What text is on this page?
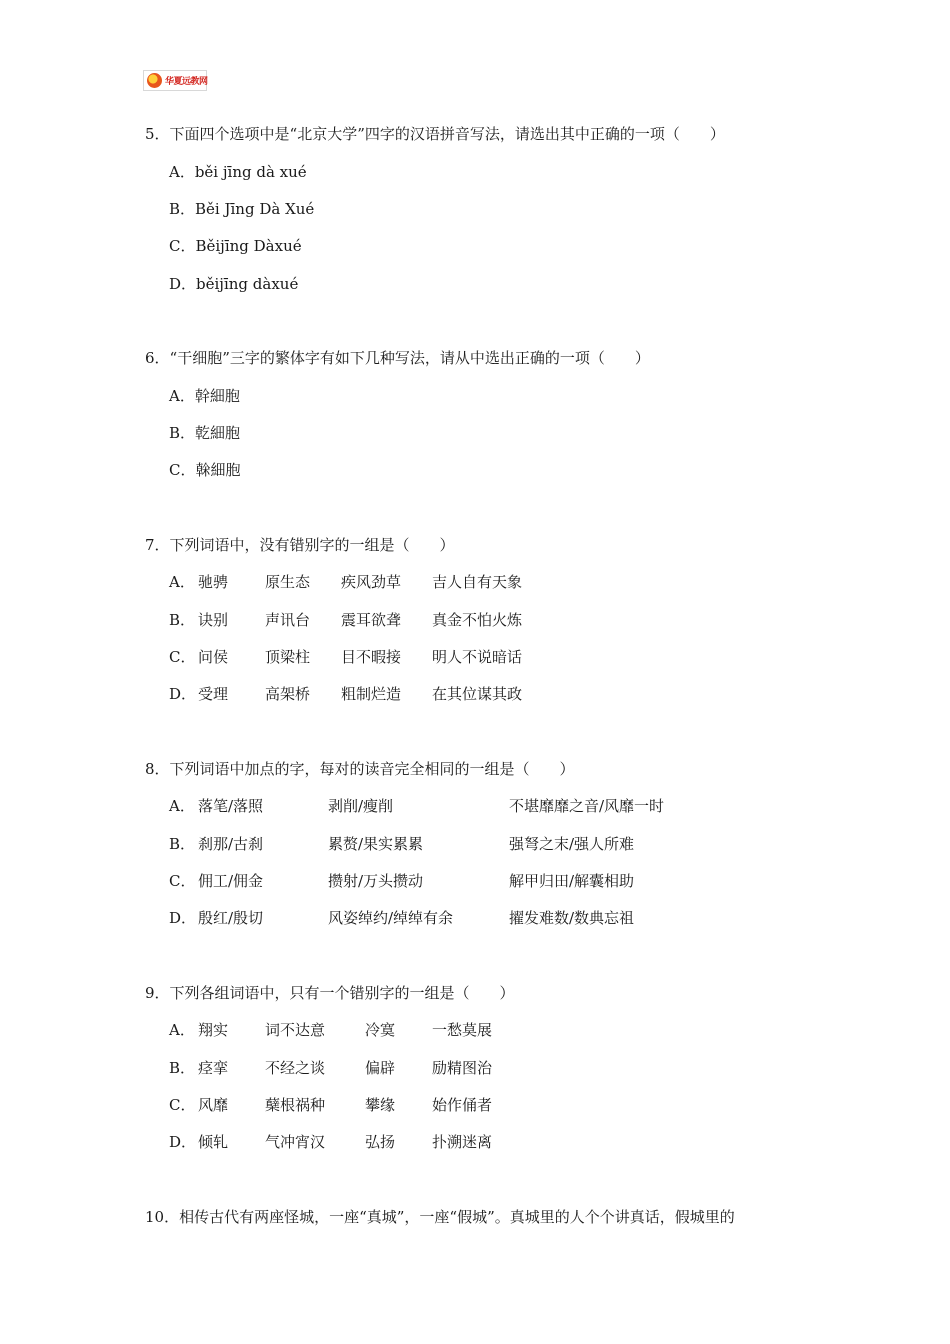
华夏远教网
5．下面四个选项中是“北京大学”四字的汉语拼音写法，请选出其中正确的一项（　　）
A．běi jīng dà xué
B．Běi Jīng Dà Xué
C．Běijīng Dàxué
D．běijīng dàxué
6．“干细胞”三字的繁体字有如下几种写法，请从中选出正确的一项（　　）
A．幹細胞
B．乾細胞
C．榦細胞
7．下列词语中，没有错别字的一组是（　　）
A． 驰骋 原生态 疾风劲草 吉人自有天象
B． 诀别 声讯台 震耳欲聋 真金不怕火炼
C． 问侯 顶梁柱 目不暇接 明人不说暗话
D． 受理 高架桥 粗制烂造 在其位谋其政
8．下列词语中加点的字，每对的读音完全相同的一组是（　　）
A． 落笔/落照	剥削/瘦削	不堪靡靡之音/风靡一时
B． 刹那/古刹	累赘/果实累累	强弩之末/强人所难
C． 佣工/佣金	攒射/万头攒动	解甲归田/解囊相助
D． 殷红/殷切	风姿绰约/绰绰有余	擢发难数/数典忘祖
9．下列各组词语中，只有一个错别字的一组是（　　）
A． 翔实 词不达意	冷寞 一愁莫展
B． 痉挛 不经之谈	偏辟 励精图治
C． 风靡 蘖根祸种	攀缘 始作俑者
D． 倾轧 气冲宵汉	弘扬 扑溯迷离
10．相传古代有两座怪城，一座“真城”，一座“假城”。真城里的人个个讲真话，假城里的
